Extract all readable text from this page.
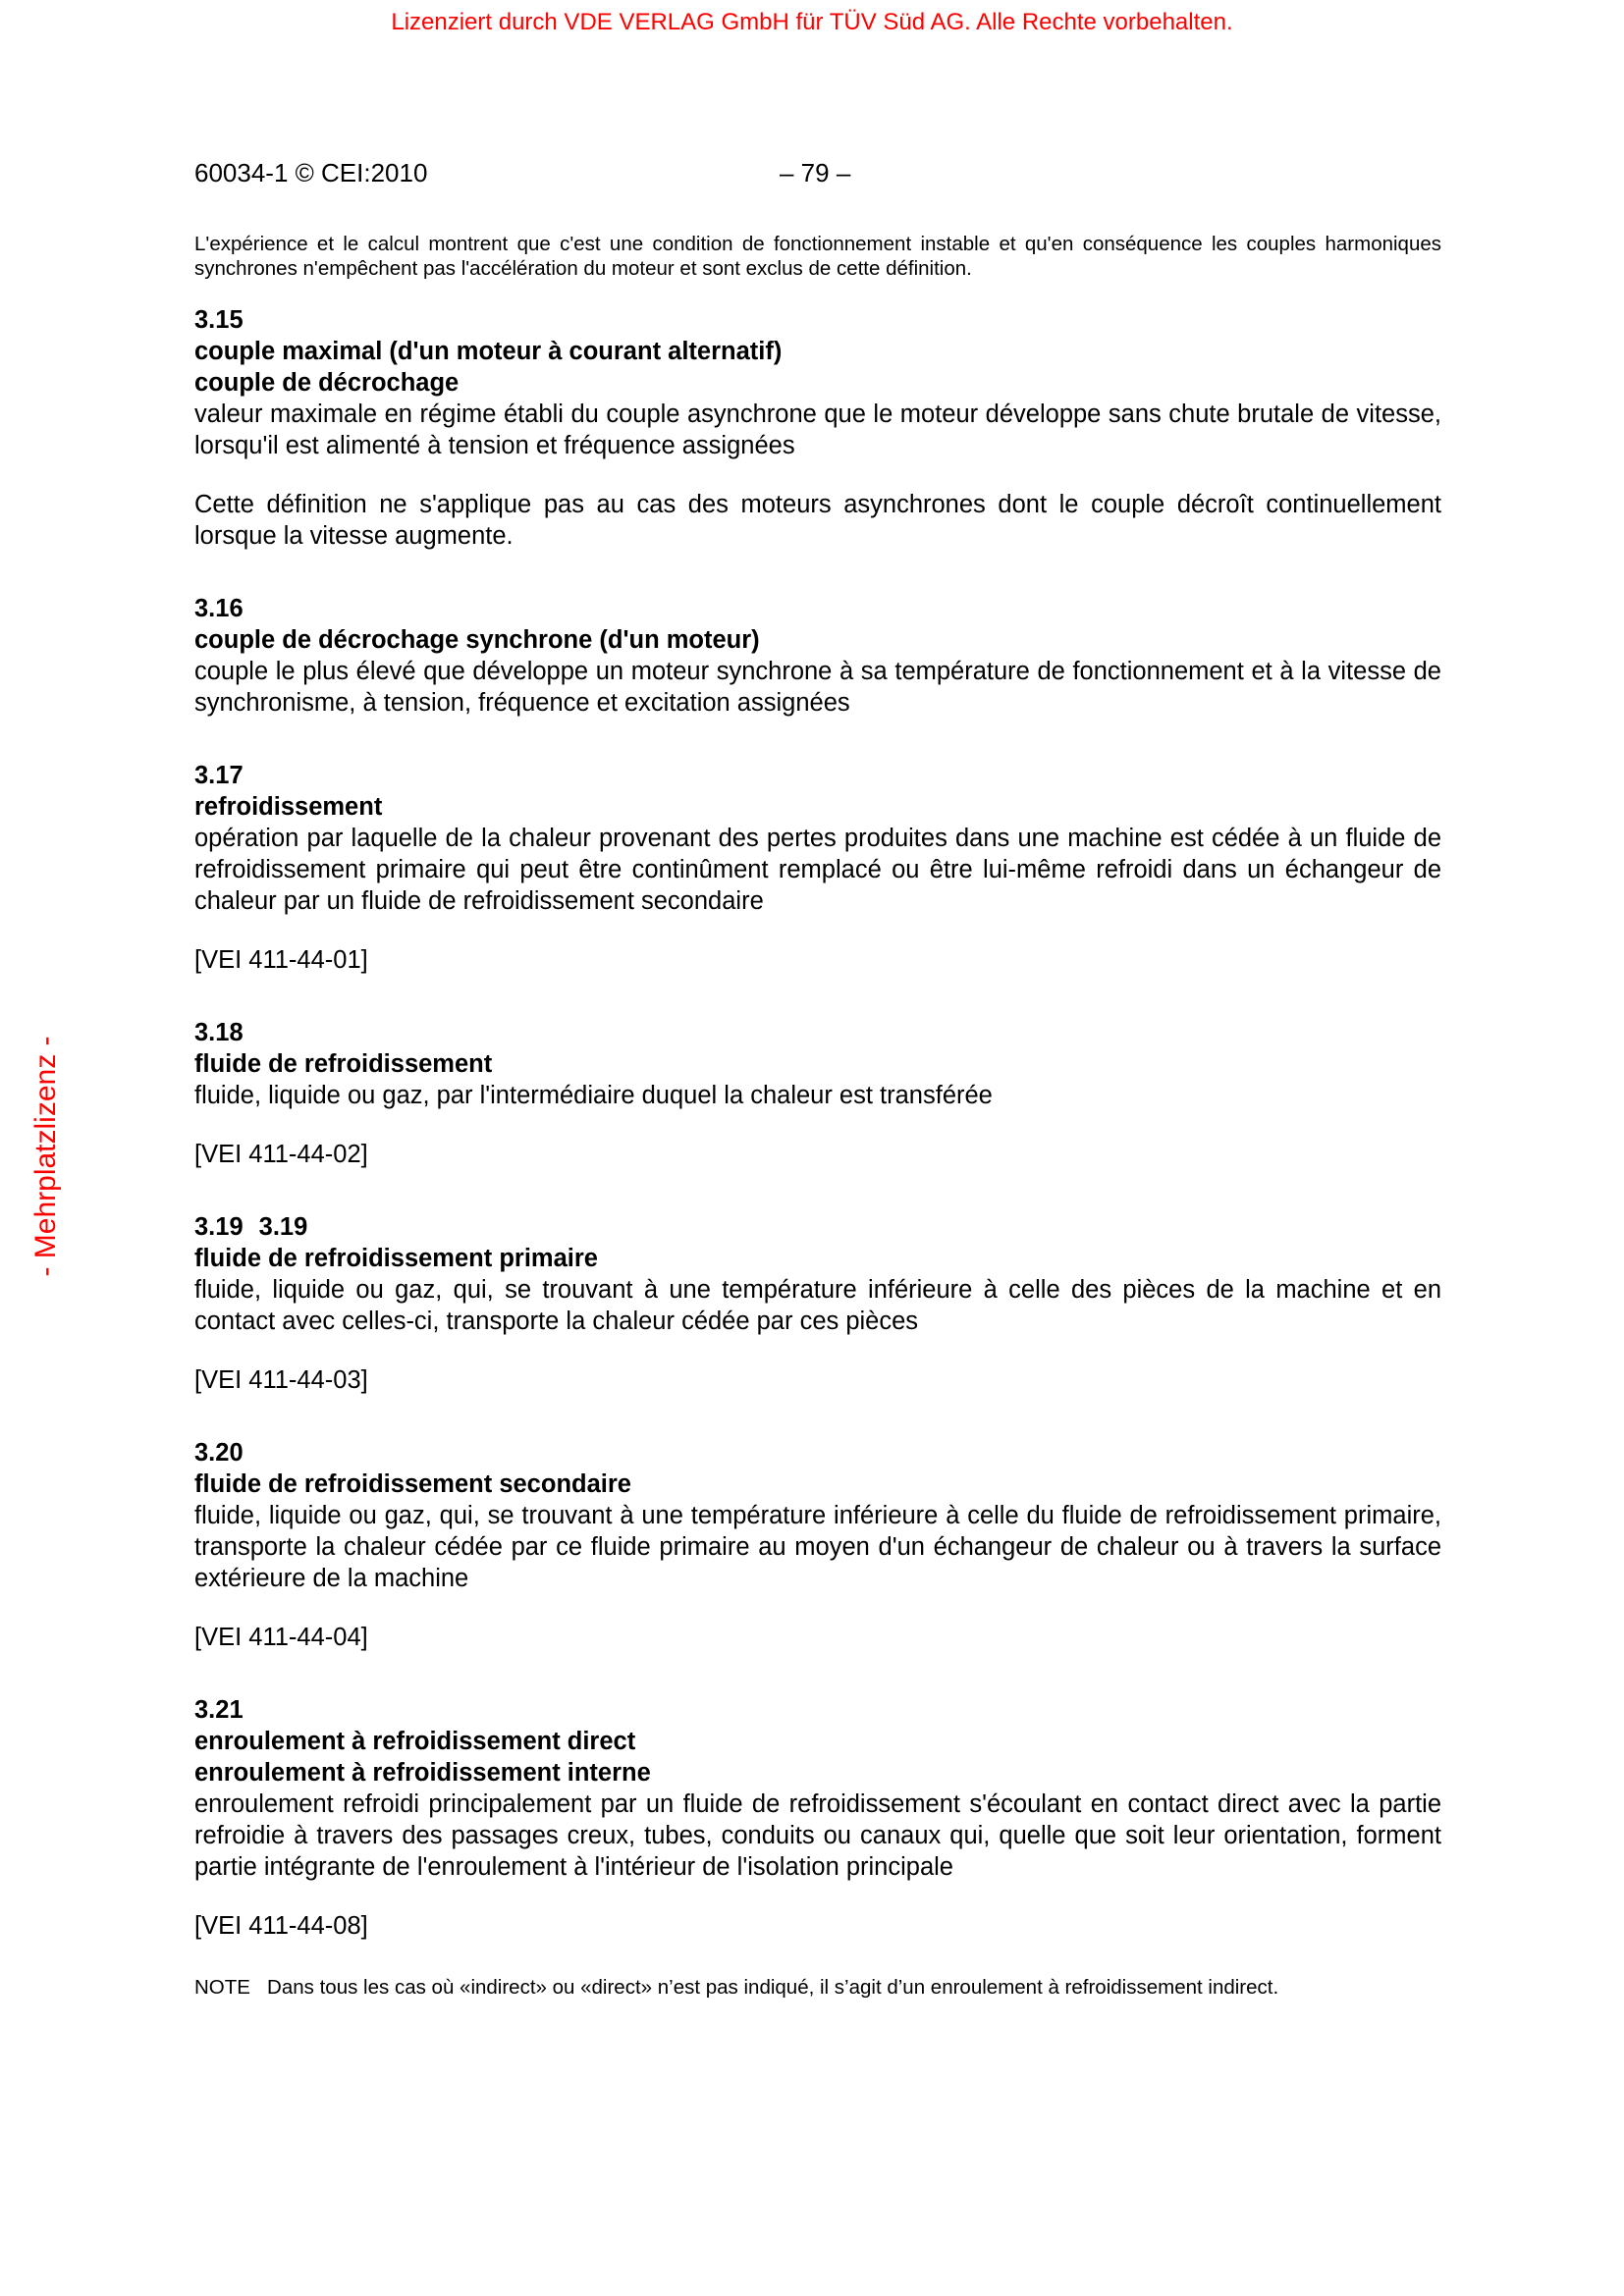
Lizenziert durch VDE VERLAG GmbH für TÜV Süd AG. Alle Rechte vorbehalten.
- Mehrplatzlizenz -
60034-1 © CEI:2010	– 79 –

L'expérience et le calcul montrent que c'est une condition de fonctionnement instable et qu'en conséquence les couples harmoniques synchrones n'empêchent pas l'accélération du moteur et sont exclus de cette définition.

3.15

couple maximal (d'un moteur à courant alternatif)

couple de décrochage

valeur maximale en régime établi du couple asynchrone que le moteur développe sans chute brutale de vitesse, lorsqu'il est alimenté à tension et fréquence assignées

Cette définition ne s'applique pas au cas des moteurs asynchrones dont le couple décroît continuellement lorsque la vitesse augmente.

3.16

couple de décrochage synchrone (d'un moteur)

couple le plus élevé que développe un moteur synchrone à sa température de fonctionnement et à la vitesse de synchronisme, à tension, fréquence et excitation assignées

3.17

refroidissement

opération par laquelle de la chaleur provenant des pertes produites dans une machine est cédée à un fluide de refroidissement primaire qui peut être continûment remplacé ou être lui-même refroidi dans un échangeur de chaleur par un fluide de refroidissement secondaire

[VEI 411-44-01]

3.18

fluide de refroidissement

fluide, liquide ou gaz, par l'intermédiaire duquel la chaleur est transférée

[VEI 411-44-02]

3.19 3.19

fluide de refroidissement primaire

fluide, liquide ou gaz, qui, se trouvant à une température inférieure à celle des pièces de la machine et en contact avec celles-ci, transporte la chaleur cédée par ces pièces

[VEI 411-44-03]

3.20

fluide de refroidissement secondaire

fluide, liquide ou gaz, qui, se trouvant à une température inférieure à celle du fluide de refroidissement primaire, transporte la chaleur cédée par ce fluide primaire au moyen d'un échangeur de chaleur ou à travers la surface extérieure de la machine

[VEI 411-44-04]

3.21

enroulement à refroidissement direct

enroulement à refroidissement interne

enroulement refroidi principalement par un fluide de refroidissement s'écoulant en contact direct avec la partie refroidie à travers des passages creux, tubes, conduits ou canaux qui, quelle que soit leur orientation, forment partie intégrante de l'enroulement à l'intérieur de l'isolation principale

[VEI 411-44-08]

NOTE Dans tous les cas où «indirect» ou «direct» n’est pas indiqué, il s’agit d’un enroulement à refroidissement indirect.
